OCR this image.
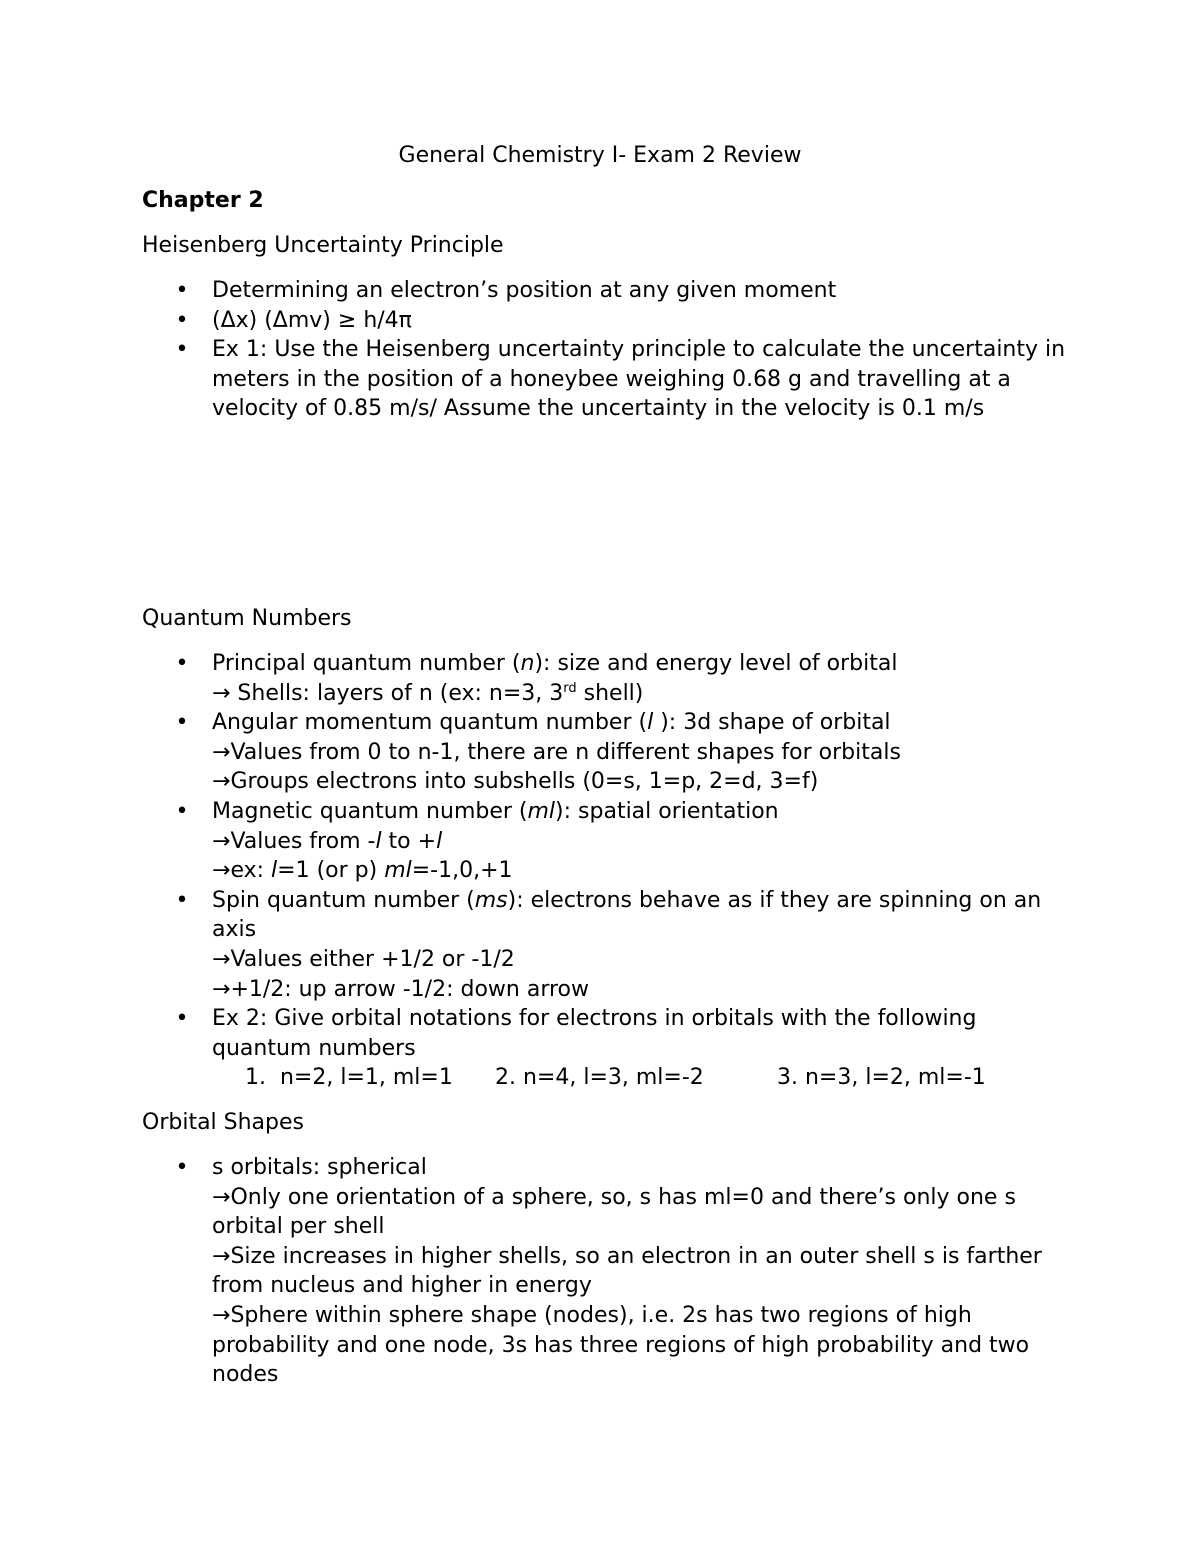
General Chemistry I- Exam 2 Review
Chapter 2
Heisenberg Uncertainty Principle
• Determining an electron’s position at any given moment
• (Δx) (Δmv) ≥ h/4π
• Ex 1: Use the Heisenberg uncertainty principle to calculate the uncertainty in meters in the position of a honeybee weighing 0.68 g and travelling at a velocity of 0.85 m/s/ Assume the uncertainty in the velocity is 0.1 m/s
Quantum Numbers
• Principal quantum number (n): size and energy level of orbital
→ Shells: layers of n (ex: n=3, 3rd shell)
• Angular momentum quantum number (l ): 3d shape of orbital
→Values from 0 to n-1, there are n different shapes for orbitals
→Groups electrons into subshells (0=s, 1=p, 2=d, 3=f)
• Magnetic quantum number (ml): spatial orientation
→Values from -l to +l
→ex: l=1 (or p) ml=-1,0,+1
• Spin quantum number (ms): electrons behave as if they are spinning on an axis
→Values either +1/2 or -1/2
→+1/2: up arrow -1/2: down arrow
• Ex 2: Give orbital notations for electrons in orbitals with the following quantum numbers
1.  n=2, l=1, ml=1 2. n=4, l=3, ml=-2	3. n=3, l=2, ml=-1
Orbital Shapes
• s orbitals: spherical
→Only one orientation of a sphere, so, s has ml=0 and there’s only one s orbital per shell
→Size increases in higher shells, so an electron in an outer shell s is farther from nucleus and higher in energy
→Sphere within sphere shape (nodes), i.e. 2s has two regions of high probability and one node, 3s has three regions of high probability and two nodes
